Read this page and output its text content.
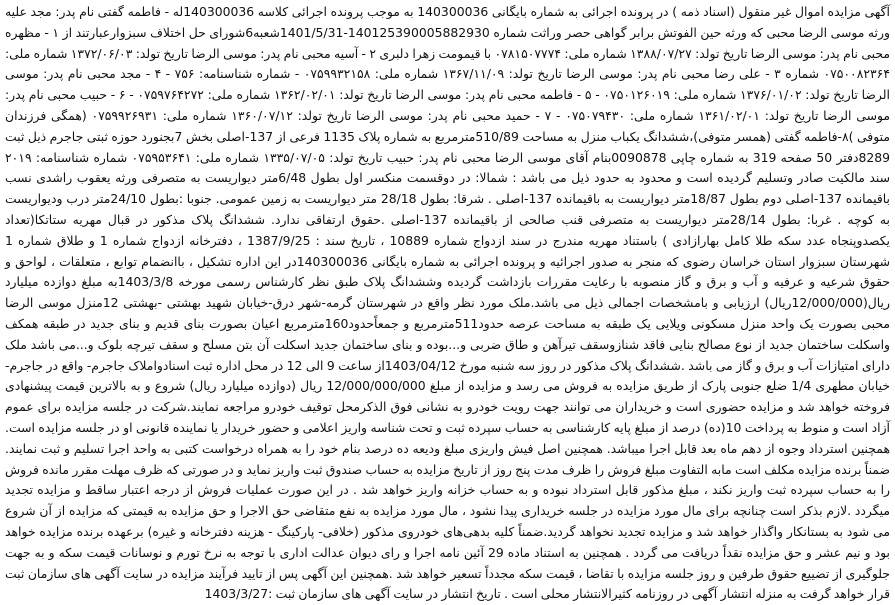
آگهی مزایده اموال غیر منقول (اسناد ذمه ) در پرونده اجرائی به شماره بایگانی 140300036 به موجب پرونده اجرائی کلاسه 140300036له - فاطمه گفتی نام پدر: مجد علیه ورثه موسی الرضا محبی که ورثه حین الفوتش برابر گواهی حصر وراثت شماره 140125390005882930-1401/5/31شعبه6شورای حل اختلاف سبزوارعبارتند از ۱ - مظهره محبی نام پدر: موسی الرضا تاریخ تولد: ۱۳۸۸/۰۷/۲۷ شماره ملی: ۰۷۸۱۵۰۷۷۷۴ با قیمومت زهرا دلبری ۲ - آسیه محبی نام پدر: موسی الرضا تاریخ تولد: ۱۳۷۲/۰۶/۰۳ شماره ملی: ۰۷۵۰۰۸۲۳۶۴ شماره ۳ - علی رضا محبی نام پدر: موسی الرضا تاریخ تولد: ۱۳۶۷/۱۱/۰۹ شماره ملی: ۰۷۵۹۹۳۲۱۵۸ - شماره شناسنامه: ۷۵۶ - ۴ - مجد محبی نام پدر: موسی الرضا تاریخ تولد: ۱۳۷۶/۰۱/۰۲ شماره ملی: ۰۷۵۰۱۲۶۰۱۹ - ۵ - فاطمه محبی نام پدر: موسی الرضا تاریخ تولد: ۱۳۶۲/۰۲/۰۱ شماره ملی: ۰۷۵۹۷۶۴۲۷۲ - ۶ - حبیب محبی نام پدر: موسی الرضا تاریخ تولد: ۱۳۶۱/۰۲/۰۱ شماره ملی: ۰۷۵۰۷۹۴۳۰ - ۷ - حمید محبی نام پدر: موسی الرضا تاریخ تولد: ۱۳۶۰/۰۷/۱۲ شماره ملی: ۰۷۵۹۹۲۶۹۳۱ (همگی فرزندان متوفی )۸-فاطمه گفتی (همسر متوفی)،ششدانگ یکباب منزل به مساحت 510/89مترمربع به شماره پلاک 1135 فرعی از 137-اصلی بخش 7بجنورد حوزه ثبتی جاجرم ذیل ثبت 8289دفتر 50 صفحه 319 به شماره چاپی 0090878بنام آقای موسی الرضا محبی نام پدر: حبیب تاریخ تولد: ۱۳۳۵/۰۷/۰۵ شماره ملی: ۰۷۵۹۵۳۶۴۱ شماره شناسنامه: ۲۰۱۹ سند مالکیت صادر وتسلیم گردیده است و محدود به حدود ذیل می باشد : شمالا: در دوقسمت منکسر اول بطول 6/48متر دیواریست به متصرفی ورثه یعقوب راشدی نسب باقیمانده 137-اصلی دوم بطول 18/87متر دیواریست به باقیمانده 137-اصلی . شرقا: بطول 28/18 متر دیواریست به زمین عمومی. جنوبا :بطول 24/10متر درب ودیواریست به کوچه . غربا: بطول 28/14متر دیواریست به متصرفی قنب صالحی از باقیمانده 137-اصلی .حقوق ارتفاقی ندارد. ششدانگ پلاک مذکور در قبال مهریه ستاتکا(تعداد یکصدوپنجاه عدد سکه طلا کامل بهارازادی ) باستناد مهریه مندرج در سند ازدواج شماره 10889 ، تاریخ سند : 1387/9/25 ، دفترخانه ازدواج شماره 1 و طلاق شماره 1 شهرستان سبزوار استان خراسان رضوی که منجر به صدور اجرائیه و پرونده اجرائی به شماره بایگانی 140300036در این اداره تشکیل ، باانضمام توابع ، متعلقات ، لواحق و حقوق شرعیه و عرفیه و آب و برق و گاز منصوبه با رعایت مقررات بازداشت گردیده وششدانگ پلاک طبق نظر کارشناس رسمی مورخه 1403/3/8به مبلغ دوازده میلیارد ریال(12/000/000ریال) ارزیابی و بامشخصات اجمالی ذیل می باشد.ملک مورد نظر واقع در شهرستان گرمه-شهر درق-خیابان شهید بهشتی -بهشتی 12منزل موسی الرضا محبی بصورت یک واحد منزل مسکونی ویلایی یک طبقه به مساحت عرصه حدود511مترمربع و جمعاًحدود160مترمربع اعیان بصورت بنای قدیم و بنای جدید در طبقه همکف واسکلت ساختمان جدید از نوع مصالح بنایی فاقد شنازوسقف تیرآهن و طاق ضربی و...بوده و بنای ساختمان جدید اسکلت آن بتن مسلح و سقف تیرچه بلوک و...می باشد ملک دارای امتیازات آب و برق و گاز می باشد .ششدانگ پلاک مذکور در روز سه شنبه مورخ 1403/04/12از ساعت 9 الی 12 در محل اداره ثبت اسنادواملاک جاجرم- واقع در جاجرم-خیابان مطهری 1/4 ضلع جنوبی پارک از طریق مزایده به فروش می رسد و مزایده از مبلغ 12/000/000/000 ریال (دوازده میلیارد ریال) شروع و به بالاترین قیمت پیشنهادی فروخته خواهد شد و مزایده حضوری است و خریداران می توانند جهت رویت خودرو به نشانی فوق الذکرمحل توقیف خودرو مراجعه نمایند.شرکت در جلسه مزایده برای عموم آزاد است و منوط به پرداخت 10(ده) درصد از مبلغ پایه کارشناسی به حساب سپرده ثبت و تحت شناسه واریز اعلامی و حضور خریدار یا نماینده قانونی او در جلسه مزایده است. همچنین استرداد وجوه از دهم ماه بعد قابل اجرا میباشد. همچنین اصل فیش واریزی مبلغ ودیعه ده درصد بنام خود را به همراه درخواست کتبی به واحد اجرا تسلیم و ثبت نمایند. ضمناً برنده مزایده مکلف است مابه التفاوت مبلغ فروش را ظرف مدت پنج روز از تاریخ مزایده به حساب صندوق ثبت واریز نماید و در صورتی که ظرف مهلت مقرر مانده فروش را به حساب سپرده ثبت واریز نکند ، مبلغ مذکور قابل استرداد نبوده و به حساب خزانه واریز خواهد شد . در این صورت عملیات فروش از درجه اعتبار ساقط و مزایده تجدید میگردد .لازم بذکر است چنانچه برای مال مورد مزایده در جلسه خریداری پیدا نشود ، مال مورد مزایده به نفع متقاضی حق الاجرا و حق مزایده به قیمتی که مزایده از آن شروع می شود به بستانکار واگذار خواهد شد و مزایده تجدید نخواهد گردید.ضمناً کلیه بدهی‌های خودروی مذکور (خلافی- پارکینگ - هزینه دفترخانه و غیره) برعهده برنده مزایده خواهد بود و نیم عشر و حق مزایده نقداً دریافت می گردد . همچنین به استناد ماده 29 آئین نامه اجرا و رای دیوان عدالت اداری با توجه به نرخ تورم و نوسانات قیمت سکه و به جهت جلوگیری از تضییع حقوق طرفین و روز جلسه مزایده با تقاضا ، قیمت سکه مجدداً تسعیر خواهد شد .همچنین این آگهی پس از تایید فرآیند مزایده در سایت آگهی های سازمان ثبت قرار خواهد گرفت به منزله انتشار آگهی در روزنامه کثیرالانتشار محلی است . تاریخ انتشار در سایت آگهی های سازمان ثبت :1403/3/27
